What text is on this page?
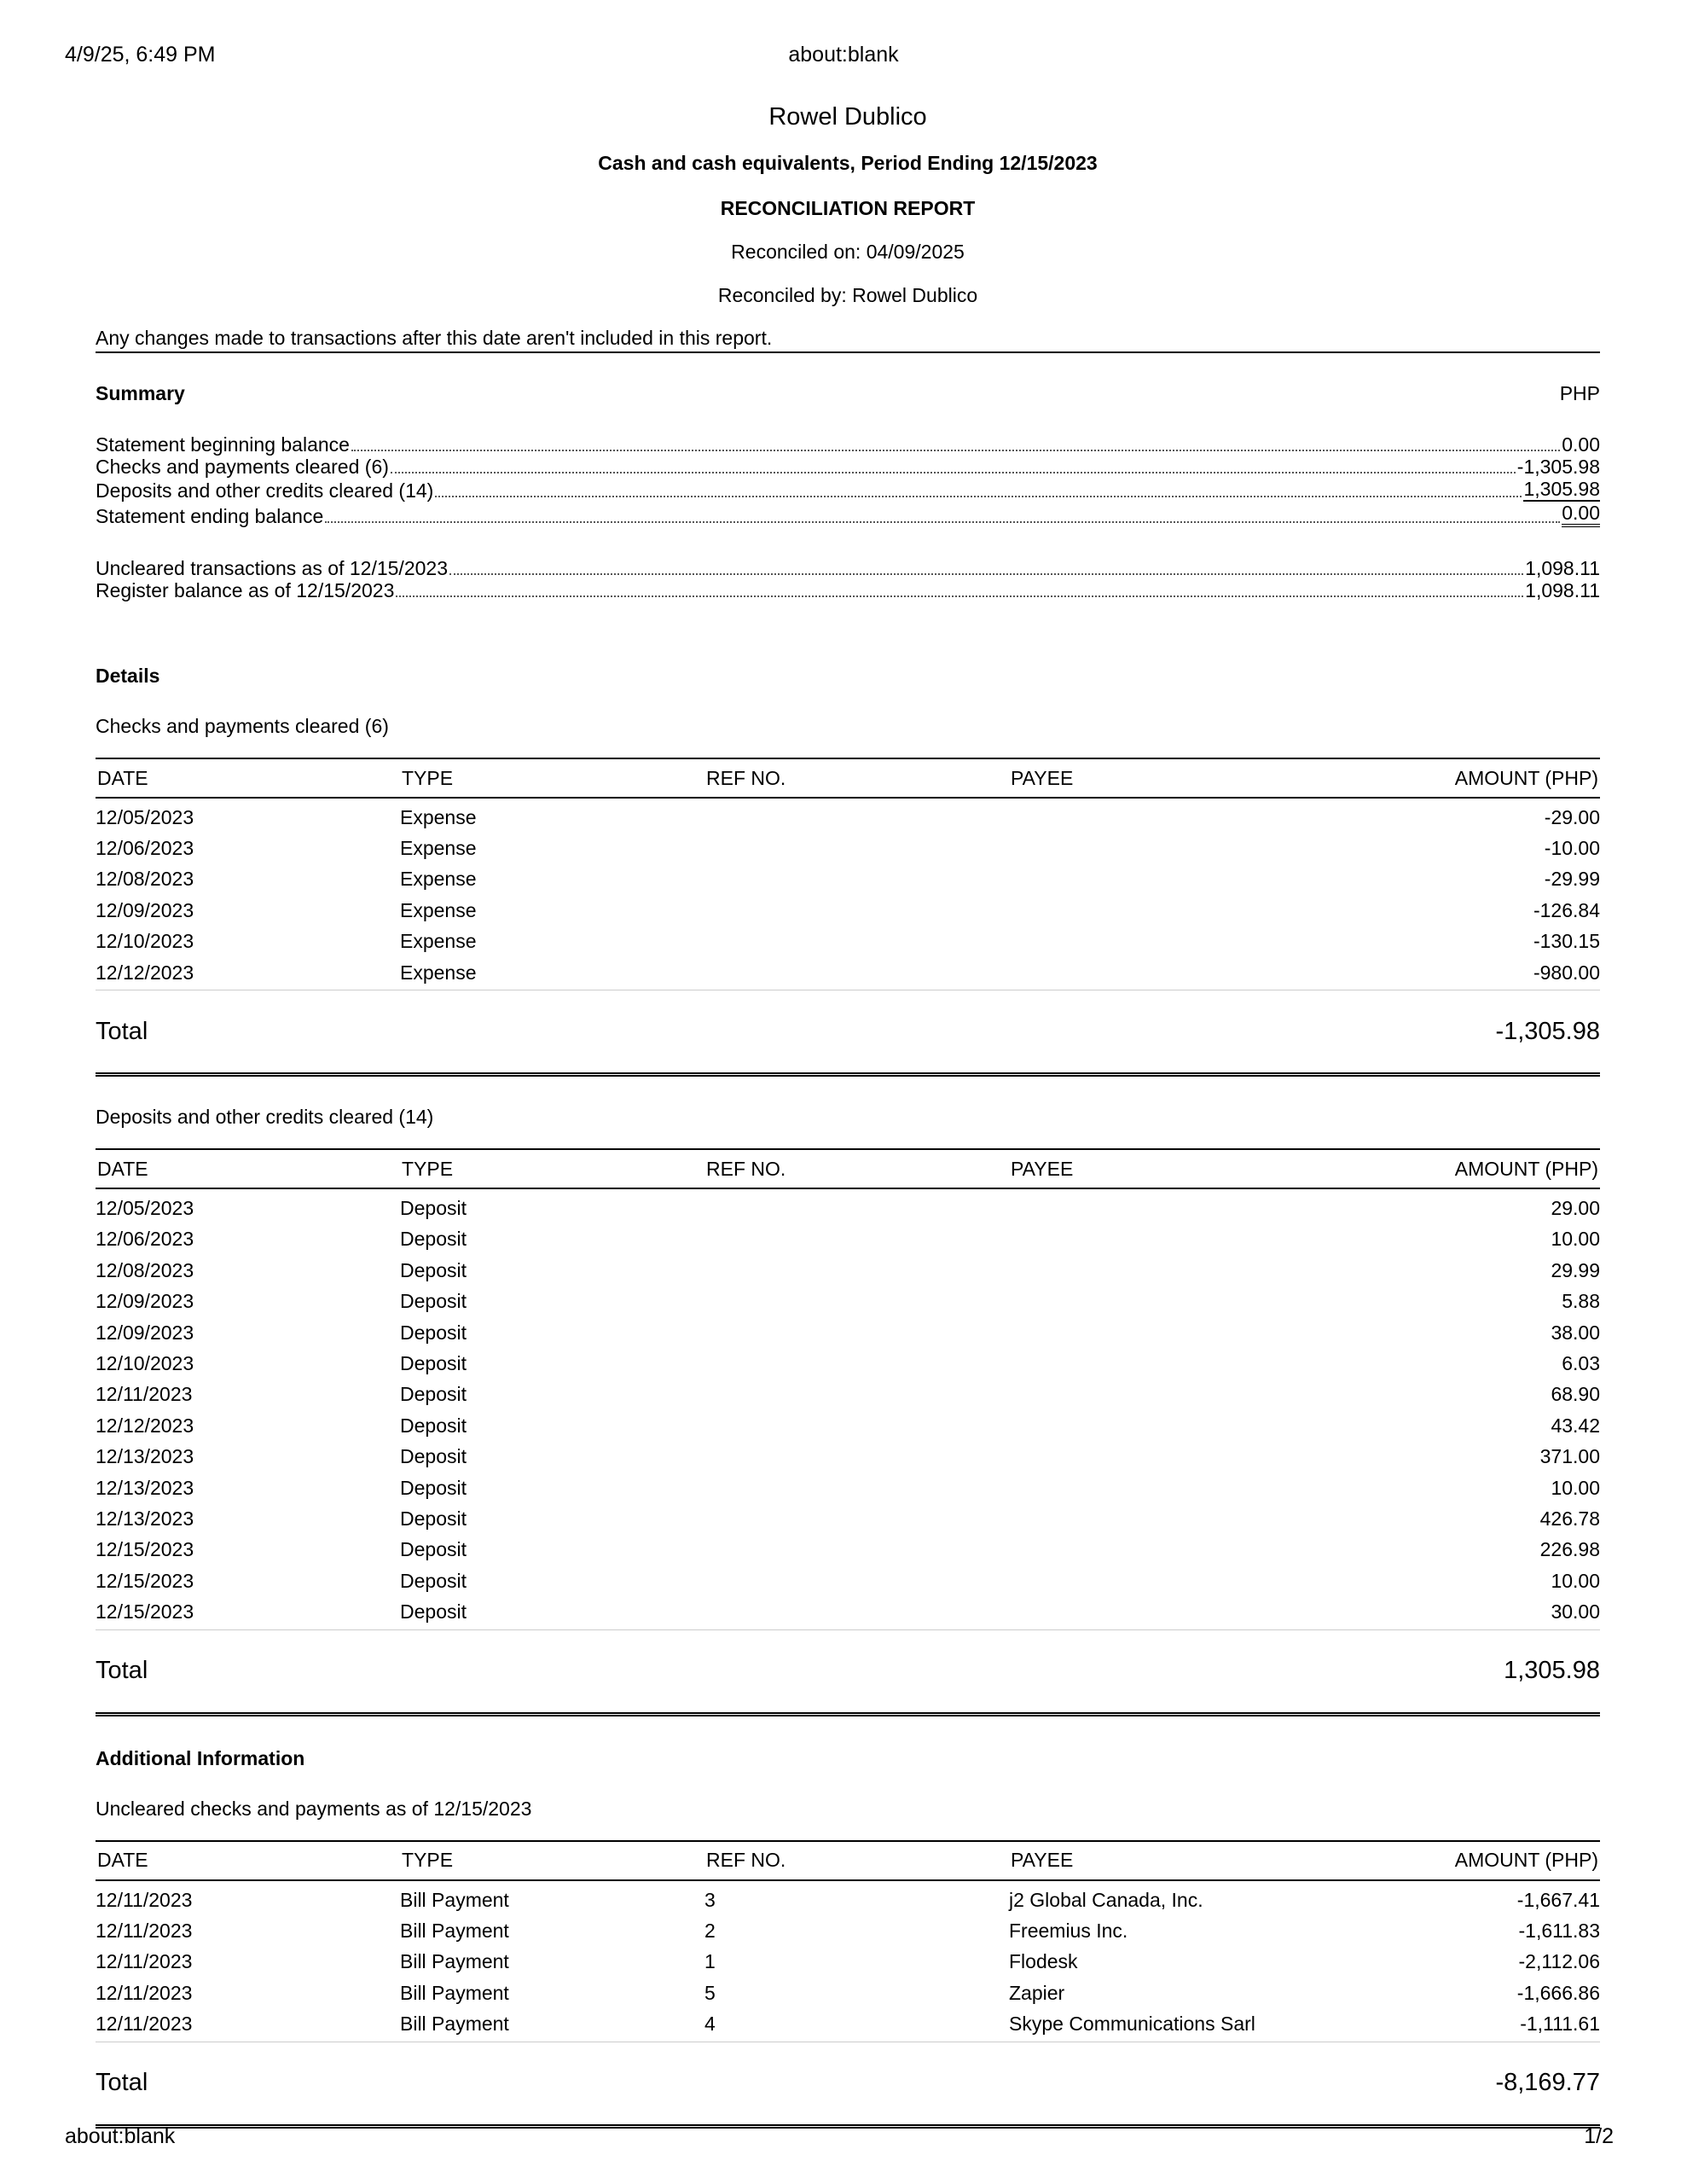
4/9/25, 6:49 PM	about:blank
Rowel Dublico
Cash and cash equivalents, Period Ending 12/15/2023
RECONCILIATION REPORT
Reconciled on: 04/09/2025
Reconciled by: Rowel Dublico
Any changes made to transactions after this date aren't included in this report.
Summary	PHP
Statement beginning balance	0.00
Checks and payments cleared (6)	-1,305.98
Deposits and other credits cleared (14)	1,305.98
Statement ending balance	0.00
Uncleared transactions as of 12/15/2023	1,098.11
Register balance as of 12/15/2023	1,098.11
Details
Checks and payments cleared (6)
DATE	TYPE	REF NO.	PAYEE	AMOUNT (PHP)
12/05/2023	Expense			-29.00
12/06/2023	Expense			-10.00
12/08/2023	Expense			-29.99
12/09/2023	Expense			-126.84
12/10/2023	Expense			-130.15
12/12/2023	Expense			-980.00
Total	-1,305.98
Deposits and other credits cleared (14)
DATE	TYPE	REF NO.	PAYEE	AMOUNT (PHP)
12/05/2023	Deposit			29.00
12/06/2023	Deposit			10.00
12/08/2023	Deposit			29.99
12/09/2023	Deposit			5.88
12/09/2023	Deposit			38.00
12/10/2023	Deposit			6.03
12/11/2023	Deposit			68.90
12/12/2023	Deposit			43.42
12/13/2023	Deposit			371.00
12/13/2023	Deposit			10.00
12/13/2023	Deposit			426.78
12/15/2023	Deposit			226.98
12/15/2023	Deposit			10.00
12/15/2023	Deposit			30.00
Total	1,305.98
Additional Information
Uncleared checks and payments as of 12/15/2023
DATE	TYPE	REF NO.	PAYEE	AMOUNT (PHP)
12/11/2023	Bill Payment	3	j2 Global Canada, Inc.	-1,667.41
12/11/2023	Bill Payment	2	Freemius Inc.	-1,611.83
12/11/2023	Bill Payment	1	Flodesk	-2,112.06
12/11/2023	Bill Payment	5	Zapier	-1,666.86
12/11/2023	Bill Payment	4	Skype Communications Sarl	-1,111.61
Total	-8,169.77
about:blank	1/2
